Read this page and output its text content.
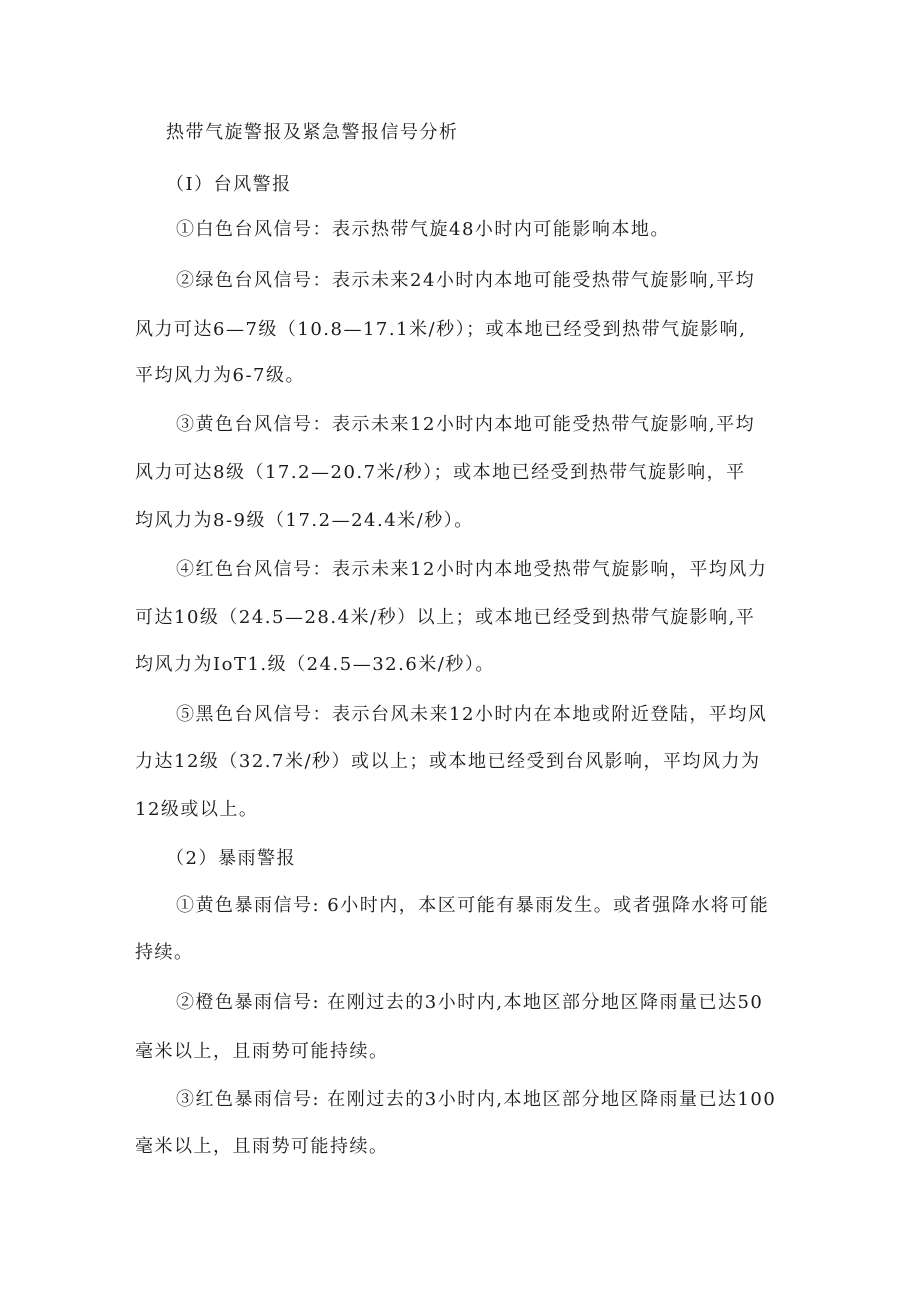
热带气旋警报及紧急警报信号分析
（I）台风警报
①白色台风信号：表示热带气旋48小时内可能影响本地。
②绿色台风信号：表示未来24小时内本地可能受热带气旋影响,平均
风力可达6—7级（10.8—17.1米/秒）；或本地已经受到热带气旋影响,
平均风力为6-7级。
③黄色台风信号：表示未来12小时内本地可能受热带气旋影响,平均
风力可达8级（17.2—20.7米/秒）；或本地已经受到热带气旋影响，平
均风力为8-9级（17.2—24.4米/秒）。
④红色台风信号：表示未来12小时内本地受热带气旋影响，平均风力
可达10级（24.5—28.4米/秒）以上；或本地已经受到热带气旋影响,平
均风力为IoT1.级（24.5—32.6米/秒）。
⑤黑色台风信号：表示台风未来12小时内在本地或附近登陆，平均风
力达12级（32.7米/秒）或以上；或本地已经受到台风影响，平均风力为
12级或以上。
（2）暴雨警报
①黄色暴雨信号: 6小时内，本区可能有暴雨发生。或者强降水将可能
持续。
②橙色暴雨信号: 在刚过去的3小时内,本地区部分地区降雨量已达50
毫米以上，且雨势可能持续。
③红色暴雨信号: 在刚过去的3小时内,本地区部分地区降雨量已达100
毫米以上，且雨势可能持续。
